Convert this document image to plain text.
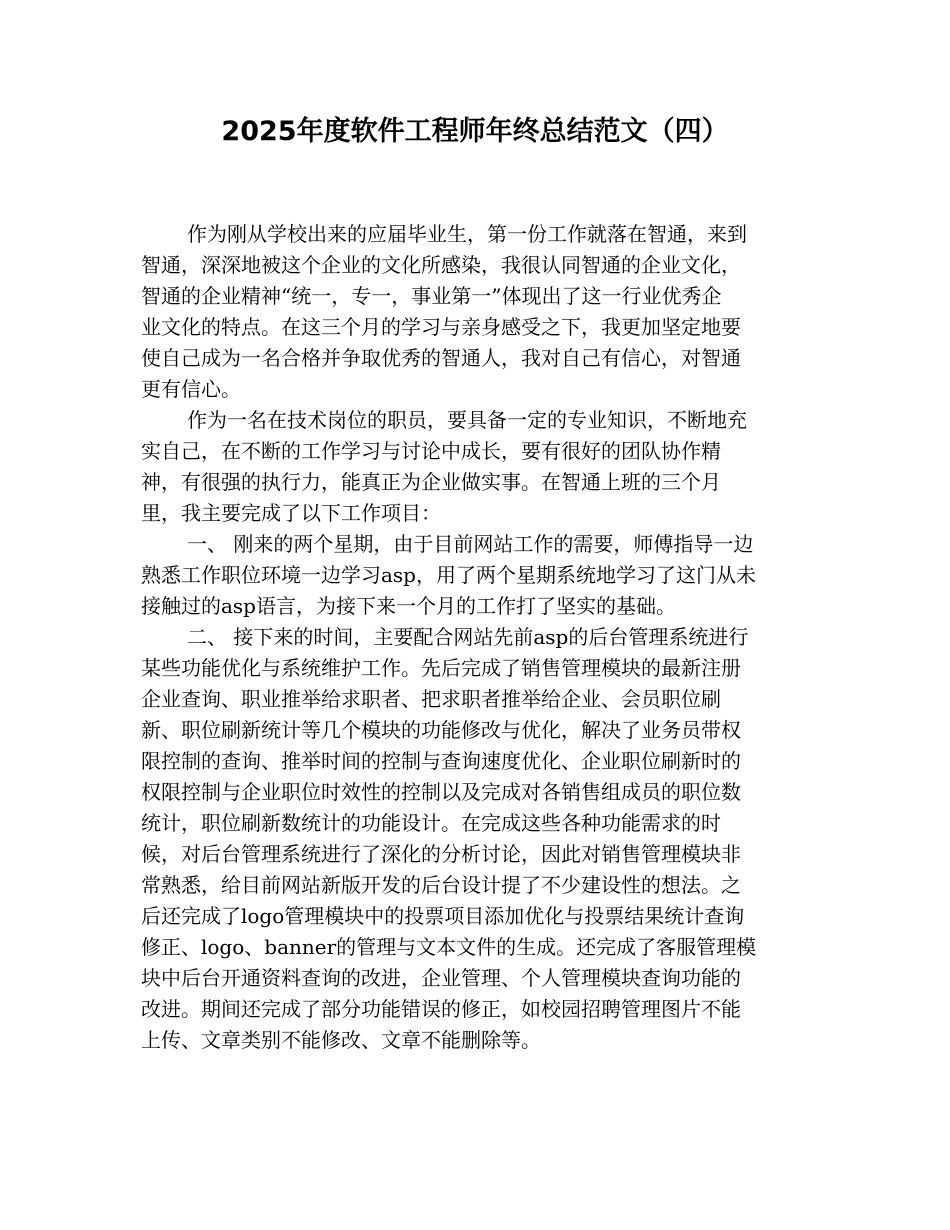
2025年度软件工程师年终总结范文（四）
作为刚从学校出来的应届毕业生，第一份工作就落在智通，来到
智通，深深地被这个企业的文化所感染，我很认同智通的企业文化，
智通的企业精神“统一，专一，事业第一”体现出了这一行业优秀企
业文化的特点。在这三个月的学习与亲身感受之下，我更加坚定地要
使自己成为一名合格并争取优秀的智通人，我对自己有信心，对智通
更有信心。
作为一名在技术岗位的职员，要具备一定的专业知识，不断地充
实自己，在不断的工作学习与讨论中成长，要有很好的团队协作精
神，有很强的执行力，能真正为企业做实事。在智通上班的三个月
里，我主要完成了以下工作项目：
一、 刚来的两个星期，由于目前网站工作的需要，师傅指导一边
熟悉工作职位环境一边学习asp，用了两个星期系统地学习了这门从未
接触过的asp语言，为接下来一个月的工作打了坚实的基础。
二、 接下来的时间，主要配合网站先前asp的后台管理系统进行
某些功能优化与系统维护工作。先后完成了销售管理模块的最新注册
企业查询、职业推举给求职者、把求职者推举给企业、会员职位刷
新、职位刷新统计等几个模块的功能修改与优化，解决了业务员带权
限控制的查询、推举时间的控制与查询速度优化、企业职位刷新时的
权限控制与企业职位时效性的控制以及完成对各销售组成员的职位数
统计，职位刷新数统计的功能设计。在完成这些各种功能需求的时
候，对后台管理系统进行了深化的分析讨论，因此对销售管理模块非
常熟悉，给目前网站新版开发的后台设计提了不少建设性的想法。之
后还完成了logo管理模块中的投票项目添加优化与投票结果统计查询
修正、logo、banner的管理与文本文件的生成。还完成了客服管理模
块中后台开通资料查询的改进，企业管理、个人管理模块查询功能的
改进。期间还完成了部分功能错误的修正，如校园招聘管理图片不能
上传、文章类别不能修改、文章不能删除等。
